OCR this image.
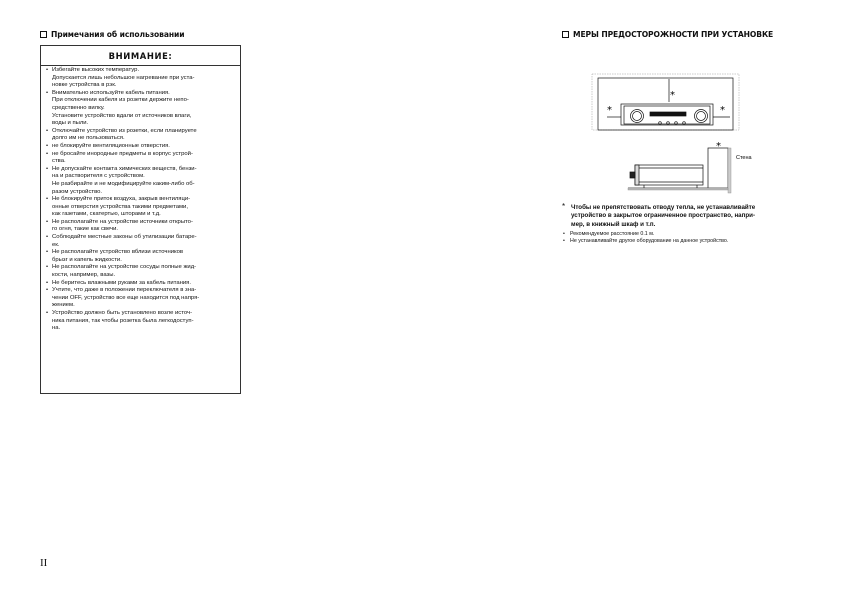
Примечания об использовании
ВНИМАНИЕ:
• Избегайте высоких температур.
Допускается лишь небольшое нагревание при уста-
новке устройства в рэк.
• Внимательно используйте кабель питания.
При отключении кабеля из розетки держите непо-
средственно вилку.
Установите устройство вдали от источников влаги,
воды и пыли.
• Отключайте устройство из розетки, если планируете
долго им не пользоваться.
• не блокируйте вентиляционные отверстия.
• не бросайте инородные предметы в корпус устрой-
ства.
• Не допускайте контакта химических веществ, бензи-
на и растворителя с устройством.
Не разбирайте и не модифицируйте каким-либо об-
разом устройство.
• Не блокируйте приток воздуха, закрыв вентиляци-
онные отверстия устройства такими предметами,
как газетами, скатертью, шторами и т.д.
• Не располагайте на устройстве источники открыто-
го огня, такие как свечи.
• Соблюдайте местные законы об утилизации батаре-
ек.
• Не располагайте устройство вблизи источников
брызг и капель жидкости.
• Не располагайте на устройстве сосуды полные жид-
кости, например, вазы.
• Не беритесь влажными руками за кабель питания.
• Учтите, что даже в положении переключателя в зна-
чении OFF, устройство все еще находится под напря-
жением.
• Устройство должно быть установлено возле источ-
ника питания, так чтобы розетка была легкодоступ-
на.
II
МЕРЫ ПРЕДОСТОРОЖНОСТИ ПРИ УСТАНОВКЕ
*
*	*
*
Стена
* Чтобы не препятствовать отводу тепла, не устанавливайте
устройство в закрытое ограниченное пространство, напри-
мер, в книжный шкаф и т.п.
• Рекомендуемое расстояние 0.1 м.
• Не устанавливайте другое оборудование на данное устройство.
